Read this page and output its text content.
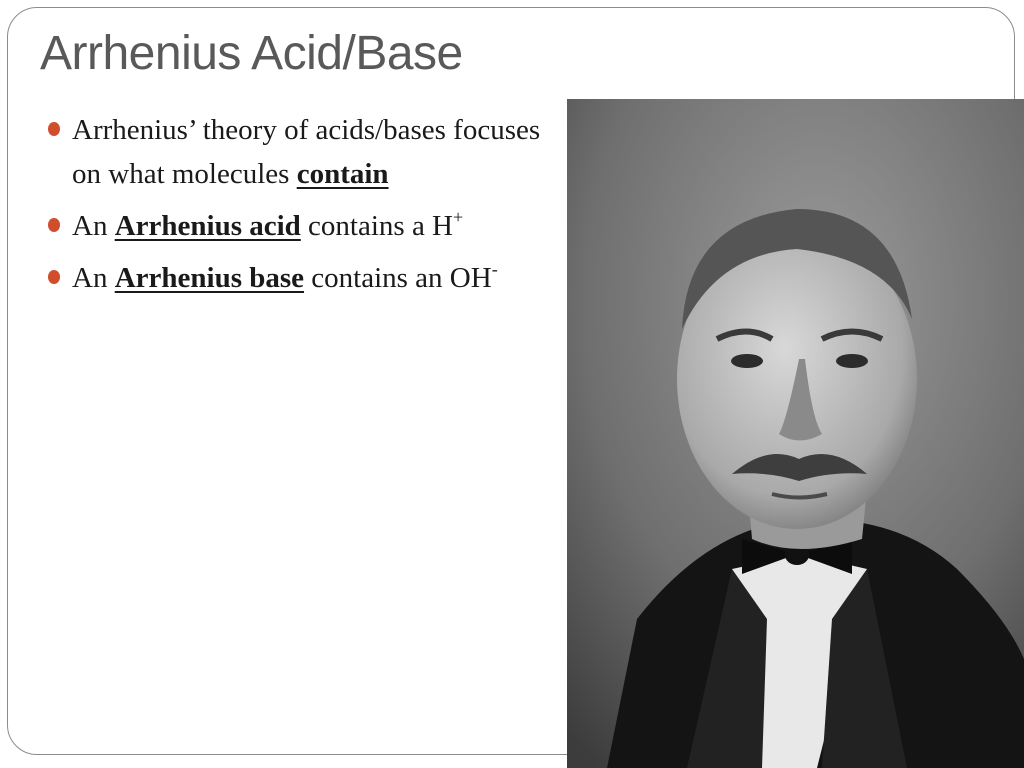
Arrhenius Acid/Base
Arrhenius’ theory of acids/bases focuses on what molecules contain
An Arrhenius acid contains a H+
An Arrhenius base contains an OH-
